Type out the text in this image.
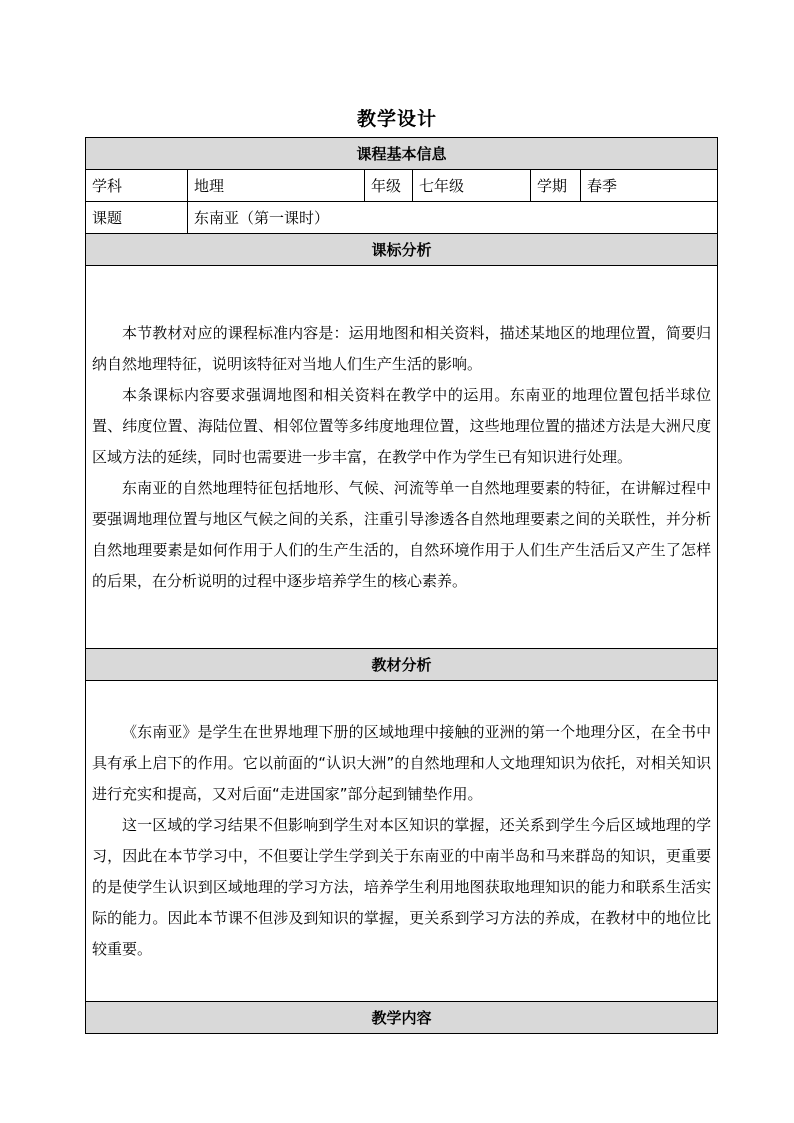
教学设计
课程基本信息					
学科	地理	年级	七年级	学期	春季
课题	东南亚（第一课时）				
课标分析					

本节教材对应的课程标准内容是：运用地图和相关资料，描述某地区的地理位置，简要归纳自然地理特征，说明该特征对当地人们生产生活的影响。

本条课标内容要求强调地图和相关资料在教学中的运用。东南亚的地理位置包括半球位置、纬度位置、海陆位置、相邻位置等多纬度地理位置，这些地理位置的描述方法是大洲尺度区域方法的延续，同时也需要进一步丰富，在教学中作为学生已有知识进行处理。

东南亚的自然地理特征包括地形、气候、河流等单一自然地理要素的特征，在讲解过程中要强调地理位置与地区气候之间的关系，注重引导渗透各自然地理要素之间的关联性，并分析自然地理要素是如何作用于人们的生产生活的，自然环境作用于人们生产生活后又产生了怎样的后果，在分析说明的过程中逐步培养学生的核心素养。					

教材分析					

《东南亚》是学生在世界地理下册的区域地理中接触的亚洲的第一个地理分区，在全书中具有承上启下的作用。它以前面的“认识大洲”的自然地理和人文地理知识为依托，对相关知识进行充实和提高，又对后面“走进国家”部分起到铺垫作用。

这一区域的学习结果不但影响到学生对本区知识的掌握，还关系到学生今后区域地理的学习，因此在本节学习中，不但要让学生学到关于东南亚的中南半岛和马来群岛的知识，更重要的是使学生认识到区域地理的学习方法，培养学生利用地图获取地理知识的能力和联系生活实际的能力。因此本节课不但涉及到知识的掌握，更关系到学习方法的养成，在教材中的地位比较重要。					

教学内容					
